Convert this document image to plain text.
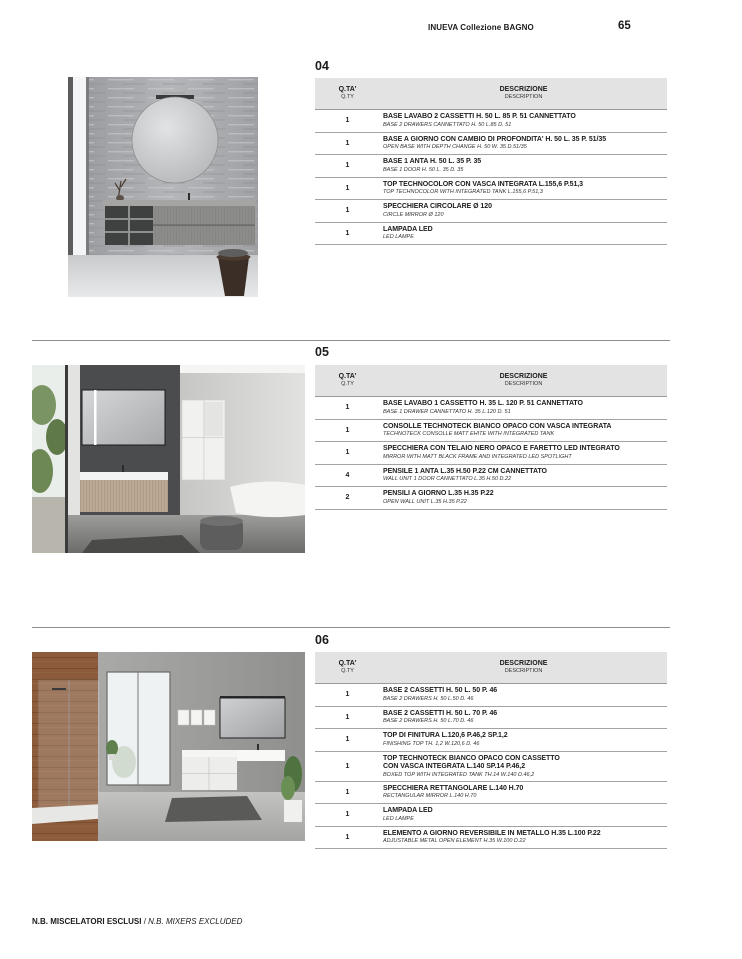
INUEVA Collezione BAGNO	65
04
Q.TA'
Q.TY
DESCRIZIONE
DESCRIPTION
1
BASE LAVABO 2 CASSETTI H. 50 L. 85 P. 51 CANNETTATO
BASE 2 DRAWERS CANNETTATO H. 50 L.85 D. 51
1
BASE A GIORNO CON CAMBIO DI PROFONDITA' H. 50 L. 35 P. 51/35
OPEN BASE WITH DEPTH CHANGE H. 50 W. 35 D.51/35
1
BASE 1 ANTA H. 50 L. 35 P. 35
BASE 1 DOOR H. 50 L. 35 D. 35
1
TOP TECHNOCOLOR CON VASCA INTEGRATA L.155,6 P.51,3
TOP TECHNOCOLOR WITH INTEGRATED TANK L.155,6 P.51,3
1
SPECCHIERA CIRCOLARE Ø 120
CIRCLE MIRROR Ø 120
1
LAMPADA LED
LED LAMPE
05
Q.TA'
Q.TY
DESCRIZIONE
DESCRIPTION
1
BASE LAVABO 1 CASSETTO H. 35 L. 120 P. 51 CANNETTATO
BASE 1 DRAWER CANNETTATO H. 35 L.120 D. 51
1
CONSOLLE TECHNOTECK BIANCO OPACO CON VASCA INTEGRATA
TECHNOTECK CONSOLLE MATT EHITE WITH INTEGRATED TANK
1
SPECCHIERA CON TELAIO NERO OPACO E FARETTO LED INTEGRATO
MIRROR WITH MATT BLACK FRAME AND INTEGRATED LED SPOTLIGHT
4
PENSILE 1 ANTA L.35 H.50 P.22 CM CANNETTATO
WALL UNIT 1 DOOR CANNETTATO L.35 H.50 D.22
2
PENSILI A GIORNO L.35 H.35 P.22
OPEN WALL UNIT L.35 H.35 P.22
06
Q.TA'
Q.TY
DESCRIZIONE
DESCRIPTION
1
BASE 2 CASSETTI H. 50 L. 50 P. 46
BASE 2 DRAWERS H. 50 L.50 D. 46
1
BASE 2 CASSETTI H. 50 L. 70 P. 46
BASE 2 DRAWERS H. 50 L.70 D. 46
1
TOP DI FINITURA L.120,6 P.46,2 SP.1,2
FINISHING TOP TH. 1,2 W.120,6 D. 46
1
TOP TECHNOTECK BIANCO OPACO CON CASSETTO
CON VASCA INTEGRATA L.140 SP.14 P.46,2
BOXED TOP WITH INTEGRATED TANK TH.14 W.140 D.46,2
1
SPECCHIERA RETTANGOLARE L.140 H.70
RECTANGULAR MIRROR L.140 H.70
1
LAMPADA LED
LED LAMPE
1
ELEMENTO A GIORNO REVERSIBILE IN METALLO H.35 L.100 P.22
ADJUSTABLE METAL OPEN ELEMENT H.35 W.100 D.22
N.B. MISCELATORI ESCLUSI / N.B. MIXERS EXCLUDED
